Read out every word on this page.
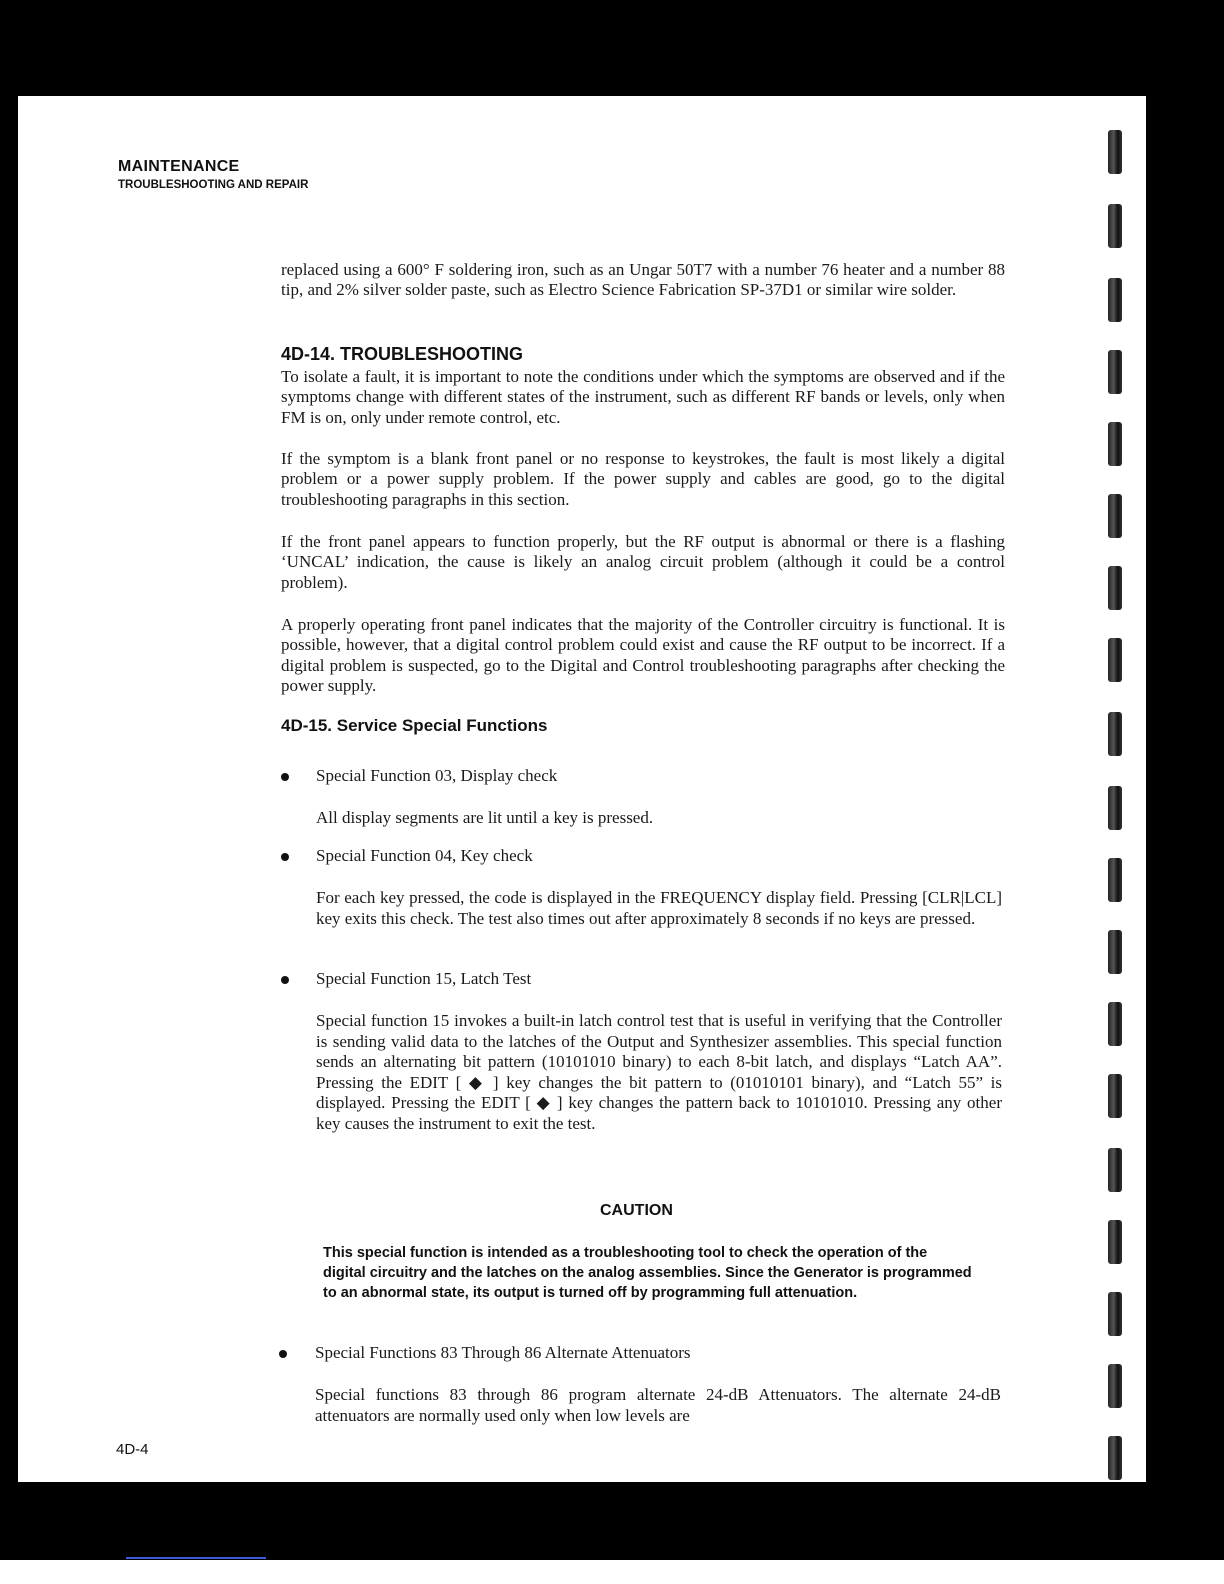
MAINTENANCE
TROUBLESHOOTING AND REPAIR

replaced using a 600° F soldering iron, such as an Ungar 50T7 with a number 76 heater and a number 88 tip, and 2% silver solder paste, such as Electro Science Fabrication SP-37D1 or similar wire solder.

4D-14. TROUBLESHOOTING

To isolate a fault, it is important to note the conditions under which the symptoms are observed and if the symptoms change with different states of the instrument, such as different RF bands or levels, only when FM is on, only under remote control, etc.

If the symptom is a blank front panel or no response to keystrokes, the fault is most likely a digital problem or a power supply problem. If the power supply and cables are good, go to the digital troubleshooting paragraphs in this section.

If the front panel appears to function properly, but the RF output is abnormal or there is a flashing ‘UNCAL’ indication, the cause is likely an analog circuit problem (although it could be a control problem).

A properly operating front panel indicates that the majority of the Controller circuitry is functional. It is possible, however, that a digital control problem could exist and cause the RF output to be incorrect. If a digital problem is suspected, go to the Digital and Control troubleshooting paragraphs after checking the power supply.

4D-15. Service Special Functions
Special Function 03, Display check

All display segments are lit until a key is pressed.

Special Function 04, Key check

For each key pressed, the code is displayed in the FREQUENCY display field. Pressing [CLR|LCL] key exits this check. The test also times out after approximately 8 seconds if no keys are pressed.

Special Function 15, Latch Test

Special function 15 invokes a built-in latch control test that is useful in verifying that the Controller is sending valid data to the latches of the Output and Synthesizer assemblies. This special function sends an alternating bit pattern (10101010 binary) to each 8-bit latch, and displays “Latch AA”. Pressing the EDIT [ ◆ ] key changes the bit pattern to (01010101 binary), and “Latch 55” is displayed. Pressing the EDIT [ ◆ ] key changes the pattern back to 10101010. Pressing any other key causes the instrument to exit the test.

CAUTION

This special function is intended as a troubleshooting tool to check the operation of the digital circuitry and the latches on the analog assemblies. Since the Generator is programmed to an abnormal state, its output is turned off by programming full attenuation.

Special Functions 83 Through 86 Alternate Attenuators

Special functions 83 through 86 program alternate 24-dB Attenuators. The alternate 24-dB attenuators are normally used only when low levels are

4D-4
